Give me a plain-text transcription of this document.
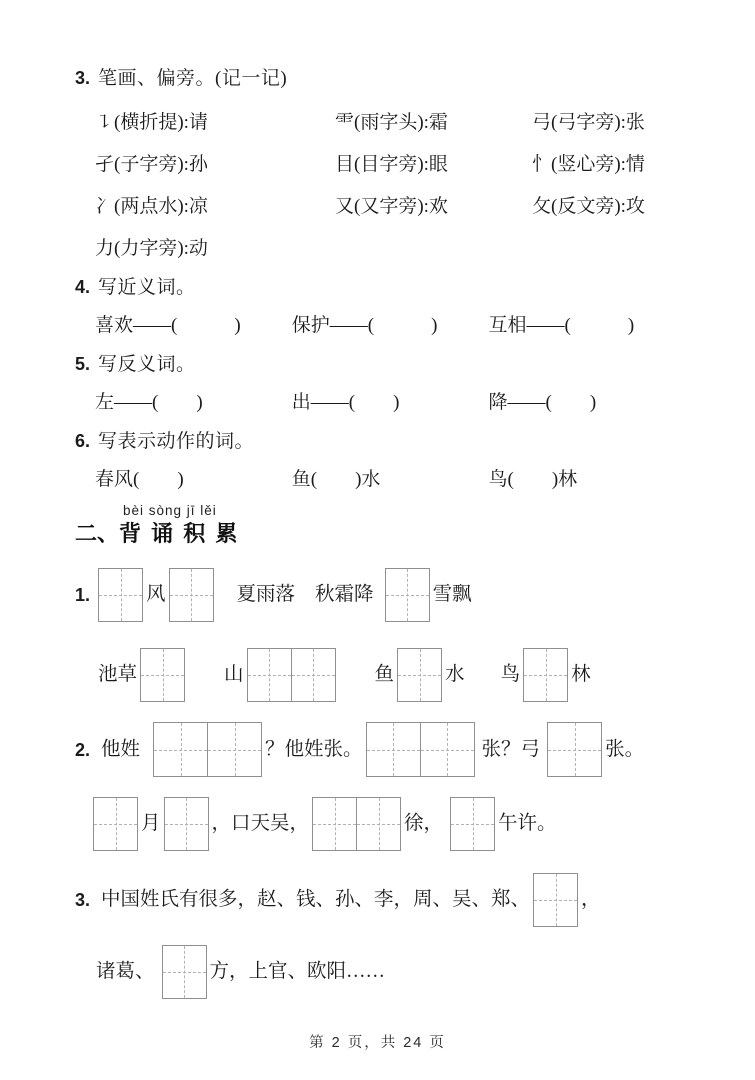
3. 笔画、偏旁。(记一记)
㇊(横折提):请	⻗(雨字头):霜	弓(弓字旁):张
孑(子字旁):孙	目(目字旁):眼	忄(竖心旁):情
冫(两点水):凉	又(又字旁):欢	攵(反文旁):攻
力(力字旁):动
4. 写近义词。
喜欢——(　　　)	保护——(　　　)	互相——(　　　)
5. 写反义词。
左——(　　)	出——(　　)	降——(　　)
6. 写表示动作的词。
春风(　　)	鱼(　　)水	鸟(　　)林
bèi sòng jī lěi
二、背 诵 积 累
1.	风	夏雨落 秋霜降	雪飘
池草	山	鱼	水 鸟	林
2. 他姓	？他姓张。	张？弓	张。
月	，口天吴，	徐，	午许。
3. 中国姓氏有很多，赵、钱、孙、李，周、吴、郑、	，
诸葛、	方，上官、欧阳……
第 2 页，共 24 页
